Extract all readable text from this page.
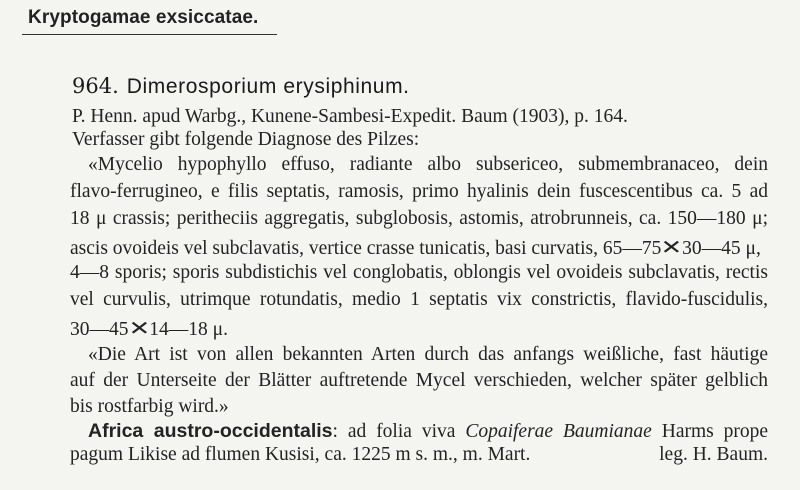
Kryptogamae exsiccatae.
964. Dimerosporium erysiphinum.
P. Henn. apud Warbg., Kunene-Sambesi-Expedit. Baum (1903), p. 164.
Verfasser gibt folgende Diagnose des Pilzes:
«Mycelio hypophyllo effuso, radiante albo subsericeo, submembranaceo, dein
flavo-ferrugineo, e filis septatis, ramosis, primo hyalinis dein fuscescentibus ca. 5 ad
18 μ crassis; peritheciis aggregatis, subglobosis, astomis, atrobrunneis, ca. 150—180 μ;
ascis ovoideis vel subclavatis, vertice crasse tunicatis, basi curvatis, 65—75✕30—45 μ,
4—8 sporis; sporis subdistichis vel conglobatis, oblongis vel ovoideis subclavatis, rectis
vel curvulis, utrimque rotundatis, medio 1 septatis vix constrictis, flavido-fuscidulis,
30—45✕14—18 μ.
«Die Art ist von allen bekannten Arten durch das anfangs weißliche, fast häutige
auf der Unterseite der Blätter auftretende Mycel verschieden, welcher später gelblich
bis rostfarbig wird.»
Africa austro-occidentalis: ad folia viva Copaiferae Baumianae Harms prope
pagum Likise ad flumen Kusisi, ca. 1225 m s. m., m. Mart.	leg. H. Baum.
